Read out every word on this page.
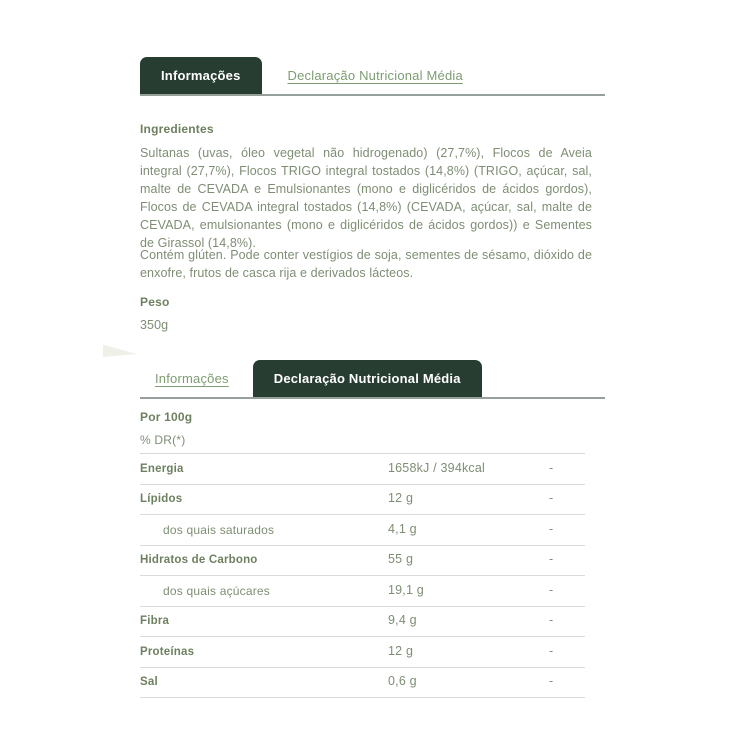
Informações	Declaração Nutricional Média
Ingredientes
Sultanas (uvas, óleo vegetal não hidrogenado) (27,7%), Flocos de Aveia integral (27,7%), Flocos TRIGO integral tostados (14,8%) (TRIGO, açúcar, sal, malte de CEVADA e Emulsionantes (mono e diglicéridos de ácidos gordos), Flocos de CEVADA integral tostados (14,8%) (CEVADA, açúcar, sal, malte de CEVADA, emulsionantes (mono e diglicéridos de ácidos gordos)) e Sementes de Girassol (14,8%).
Contém glúten. Pode conter vestígios de soja, sementes de sésamo, dióxido de enxofre, frutos de casca rija e derivados lácteos.
Peso
350g
Informações	Declaração Nutricional Média
Por 100g
% DR(*)
Energia	1658kJ / 394kcal	-
Lípidos	12 g	-
dos quais saturados	4,1 g	-
Hidratos de Carbono	55 g	-
dos quais açúcares	19,1 g	-
Fibra	9,4 g	-
Proteínas	12 g	-
Sal	0,6 g	-
